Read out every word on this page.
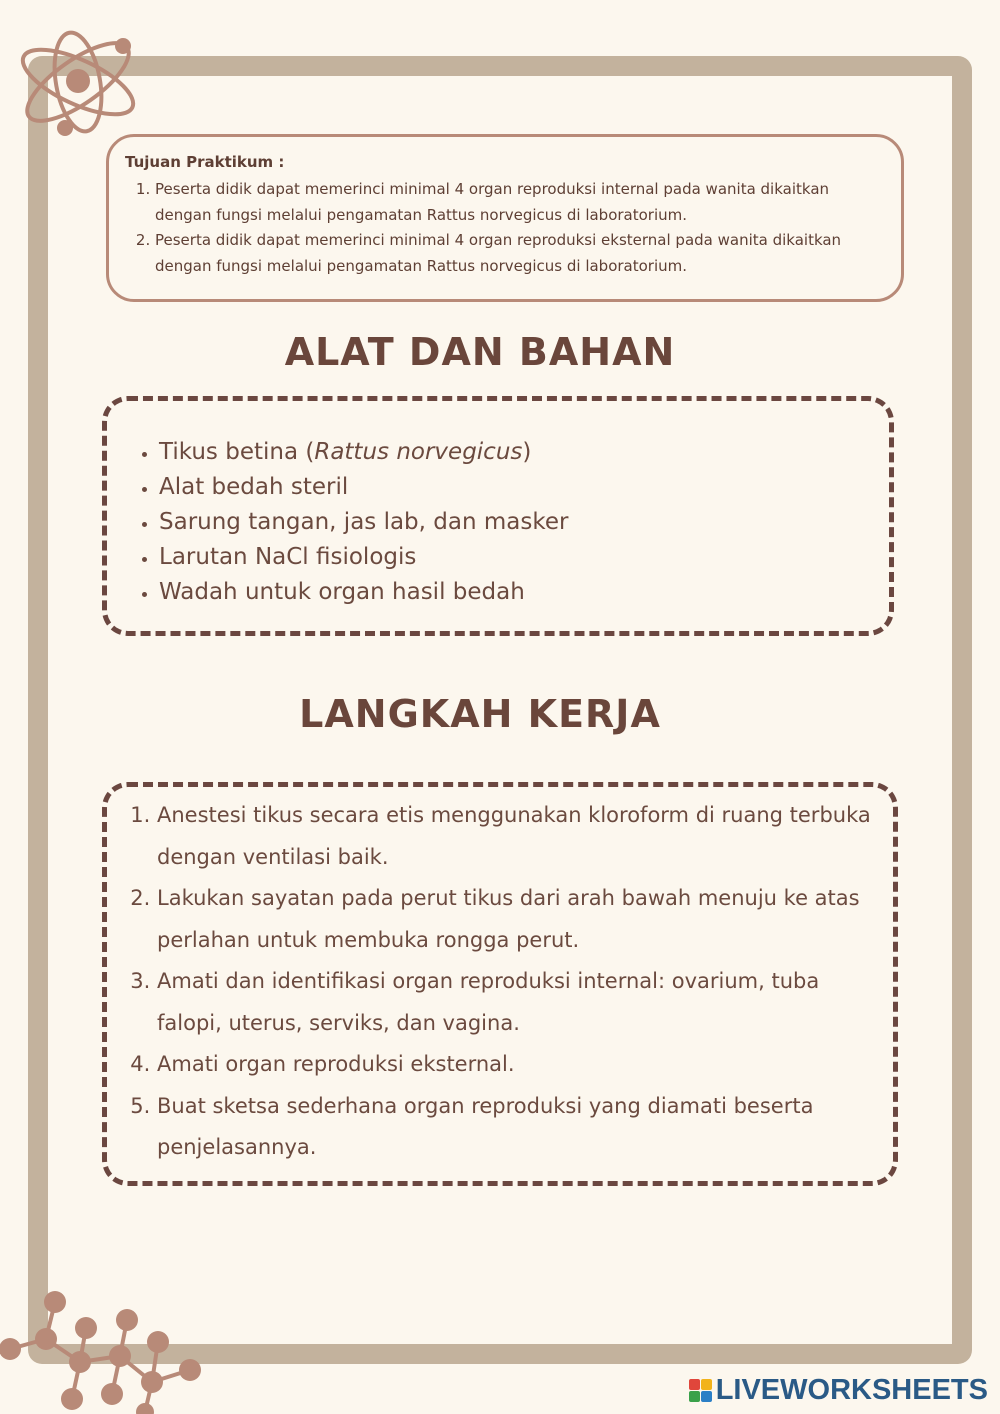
Tujuan Praktikum :
1. Peserta didik dapat memerinci minimal 4 organ reproduksi internal pada wanita dikaitkan dengan fungsi melalui pengamatan Rattus norvegicus di laboratorium.
2. Peserta didik dapat memerinci minimal 4 organ reproduksi eksternal pada wanita dikaitkan dengan fungsi melalui pengamatan Rattus norvegicus di laboratorium.
ALAT DAN BAHAN
• Tikus betina (Rattus norvegicus)
• Alat bedah steril
• Sarung tangan, jas lab, dan masker
• Larutan NaCl fisiologis
• Wadah untuk organ hasil bedah
LANGKAH KERJA
1. Anestesi tikus secara etis menggunakan kloroform di ruang terbuka dengan ventilasi baik.
2. Lakukan sayatan pada perut tikus dari arah bawah menuju ke atas perlahan untuk membuka rongga perut.
3. Amati dan identifikasi organ reproduksi internal: ovarium, tuba falopi, uterus, serviks, dan vagina.
4. Amati organ reproduksi eksternal.
5. Buat sketsa sederhana organ reproduksi yang diamati beserta penjelasannya.
LIVEWORKSHEETS
